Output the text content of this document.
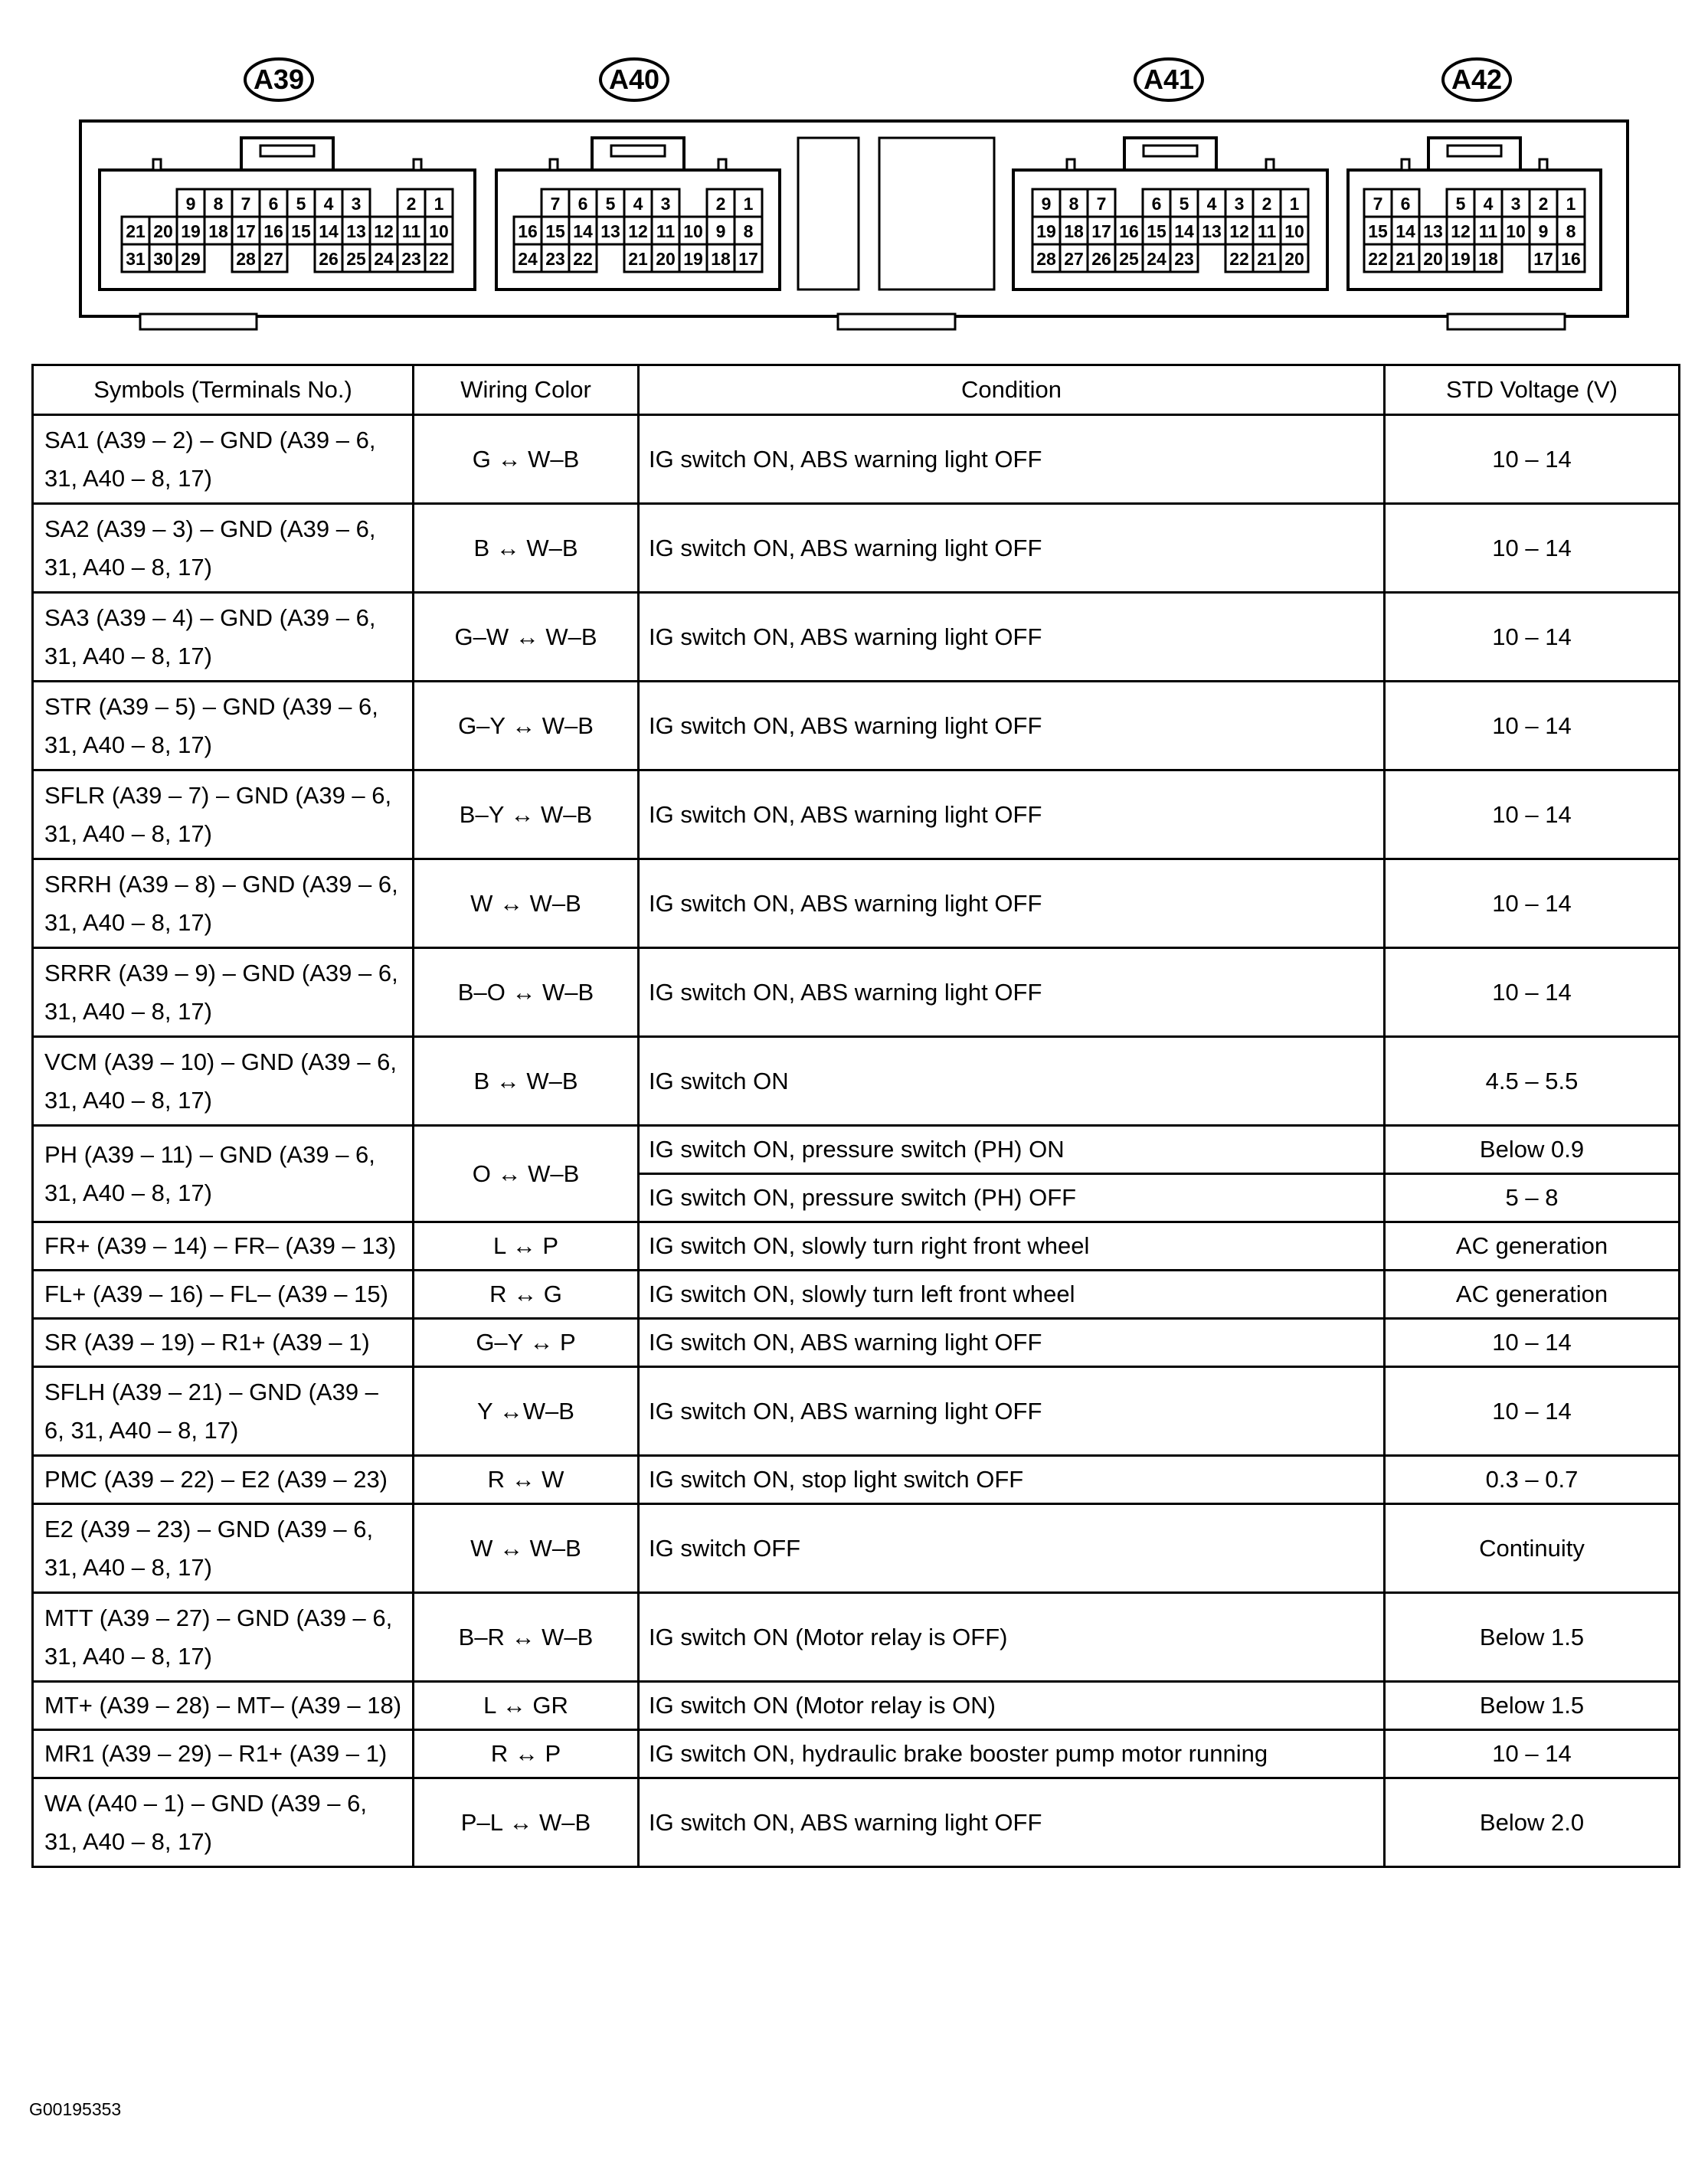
A39
9 8 7 6 5 4 3	2 1
21 20 19 18 17 16 15 14 13 12 11 10
31 30 29 28 27 26 25 24 23 22
A40
7 6 5 4 3	2 1
16 15 14 13 12 11 10 9 8
24 23 22 21 20 19 18 17
A41
9 8 7	6 5 4 3 2 1
19 18 17 16 15 14 13 12 11 10
28 27 26 25 24 23 22 21 20
A42
7 6	5 4 3 2 1
15 14 13 12 11 10 9 8
22 21 20 19 18 17 16
Symbols (Terminals No.)	Wiring Color	Condition	STD Voltage (V)
SA1 (A39 – 2) – GND (A39 – 6, 31, A40 – 8, 17)	G ↔ W–B	IG switch ON, ABS warning light OFF	10 – 14
SA2 (A39 – 3) – GND (A39 – 6, 31, A40 – 8, 17)	B ↔ W–B	IG switch ON, ABS warning light OFF	10 – 14
SA3 (A39 – 4) – GND (A39 – 6, 31, A40 – 8, 17)	G–W ↔ W–B	IG switch ON, ABS warning light OFF	10 – 14
STR (A39 – 5) – GND (A39 – 6, 31, A40 – 8, 17)	G–Y ↔ W–B	IG switch ON, ABS warning light OFF	10 – 14
SFLR (A39 – 7) – GND (A39 – 6, 31, A40 – 8, 17)	B–Y ↔ W–B	IG switch ON, ABS warning light OFF	10 – 14
SRRH (A39 – 8) – GND (A39 – 6, 31, A40 – 8, 17)	W ↔ W–B	IG switch ON, ABS warning light OFF	10 – 14
SRRR (A39 – 9) – GND (A39 – 6, 31, A40 – 8, 17)	B–O ↔ W–B	IG switch ON, ABS warning light OFF	10 – 14
VCM (A39 – 10) – GND (A39 – 6, 31, A40 – 8, 17)	B ↔ W–B	IG switch ON	4.5 – 5.5
PH (A39 – 11) – GND (A39 – 6, 31, A40 – 8, 17)	O ↔ W–B	IG switch ON, pressure switch (PH) ON	Below 0.9
		IG switch ON, pressure switch (PH) OFF	5 – 8
FR+ (A39 – 14) – FR– (A39 – 13)	L ↔ P	IG switch ON, slowly turn right front wheel	AC generation
FL+ (A39 – 16) – FL– (A39 – 15)	R ↔ G	IG switch ON, slowly turn left front wheel	AC generation
SR (A39 – 19) – R1+ (A39 – 1)	G–Y ↔ P	IG switch ON, ABS warning light OFF	10 – 14
SFLH (A39 – 21) – GND (A39 – 6, 31, A40 – 8, 17)	Y ↔W–B	IG switch ON, ABS warning light OFF	10 – 14
PMC (A39 – 22) – E2 (A39 – 23)	R ↔ W	IG switch ON, stop light switch OFF	0.3 – 0.7
E2 (A39 – 23) – GND (A39 – 6, 31, A40 – 8, 17)	W ↔ W–B	IG switch OFF	Continuity
MTT (A39 – 27) – GND (A39 – 6, 31, A40 – 8, 17)	B–R ↔ W–B	IG switch ON (Motor relay is OFF)	Below 1.5
MT+ (A39 – 28) – MT– (A39 – 18)	L ↔ GR	IG switch ON (Motor relay is ON)	Below 1.5
MR1 (A39 – 29) – R1+ (A39 – 1)	R ↔ P	IG switch ON, hydraulic brake booster pump motor running	10 – 14
WA (A40 – 1) – GND (A39 – 6, 31, A40 – 8, 17)	P–L ↔ W–B	IG switch ON, ABS warning light OFF	Below 2.0
G00195353
